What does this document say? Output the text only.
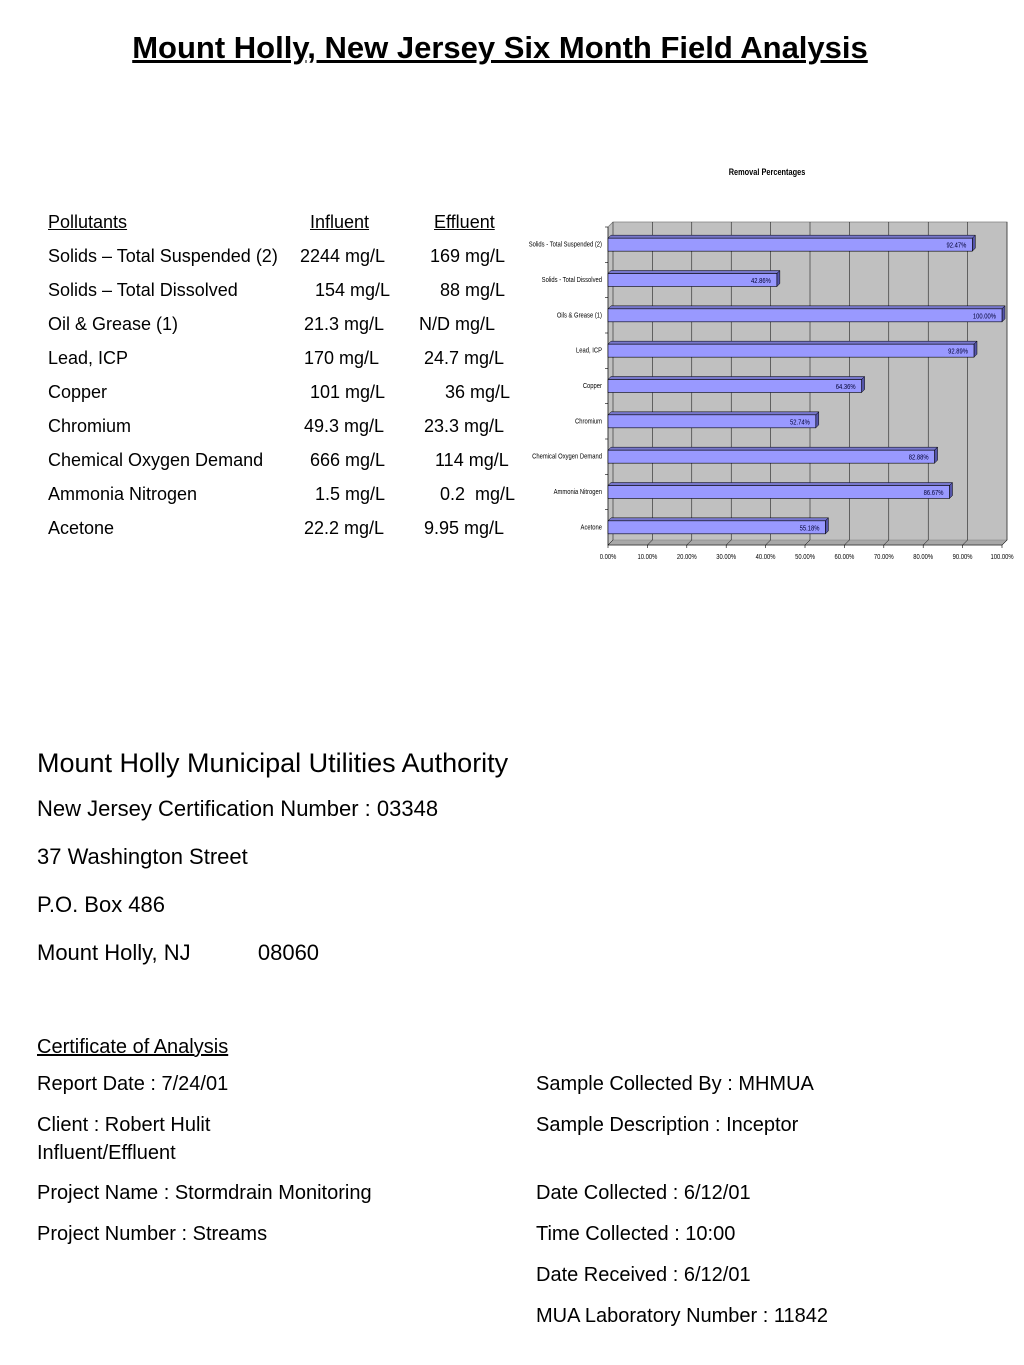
Mount Holly, New Jersey Six Month Field Analysis
Pollutants	Influent	Effluent
Solids – Total Suspended (2) 2244 mg/L 169 mg/L
Solids – Total Dissolved	154 mg/L 88 mg/L
Oil & Grease (1)	21.3 mg/L N/D mg/L
Lead, ICP	170 mg/L 24.7 mg/L
Copper	101 mg/L 36 mg/L
Chromium	49.3 mg/L 23.3 mg/L
Chemical Oxygen Demand 666 mg/L 114 mg/L
Ammonia Nitrogen	1.5 mg/L 0.2  mg/L
Acetone	22.2 mg/L 9.95 mg/L
Removal Percentages
0.00%	10.00%	20.00%	30.00%	40.00%	50.00%	60.00%	70.00%	80.00%	90.00% 100.00%
92.47%
Solids - Total Suspended (2)
42.86%
Solids - Total Dissolved
100.00%
Oils & Grease (1)
92.89%
Lead, ICP
64.36%
Copper
52.74%
Chromium
82.88%
Chemical Oxygen Demand
86.67%
Ammonia Nitrogen
55.18%
Acetone
Mount Holly Municipal Utilities Authority
New Jersey Certification Number : 03348
37 Washington Street
P.O. Box 486
Mount Holly, NJ           08060
Certificate of Analysis
Report Date : 7/24/01	Sample Collected By : MHMUA
Client : Robert Hulit	Sample Description : Inceptor
Influent/Effluent
Project Name : Stormdrain Monitoring	Date Collected : 6/12/01
Project Number : Streams	Time Collected : 10:00
Date Received : 6/12/01
MUA Laboratory Number : 11842
